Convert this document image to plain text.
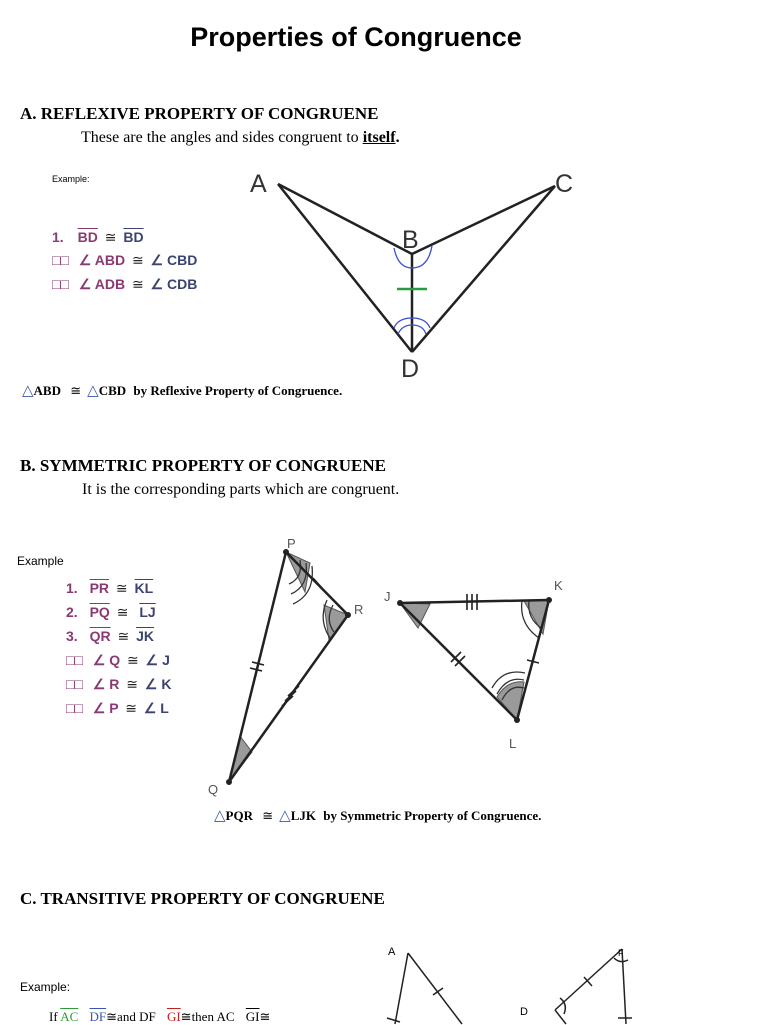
Properties of Congruence
A. REFLEXIVE PROPERTY OF CONGRUENE
These are the angles and sides congruent to itself.
Example:
1. $\overline{BD}$ ≅ $\overline{BD}$
□□ ∠ ABD ≅ ∠ CBD
□□ ∠ ADB ≅ ∠ CDB
A	C
B
D
△ABD ≅ △CBD by Reflexive Property of Congruence.
B. SYMMETRIC PROPERTY OF CONGRUENE
It is the corresponding parts which are congruent.
Example
1. $\overline{PR}$ ≅ $\overline{KL}$
2. $\overline{PQ}$ ≅ $\overline{LJ}$
3. $\overline{QR}$ ≅ $\overline{JK}$
□□ ∠ Q ≅ ∠ J
□□ ∠ R ≅ ∠ K
□□ ∠ P ≅ ∠ L
P
R
Q
J
K
L
△PQR ≅ △LJK by Symmetric Property of Congruence.
C. TRANSITIVE PROPERTY OF CONGRUENE
Example:
If $\overline{AC}$ $\overline{DF}≅and$ DF $\overline{GI}≅then$ AC $\overline{GI}≅$
A
D
F
